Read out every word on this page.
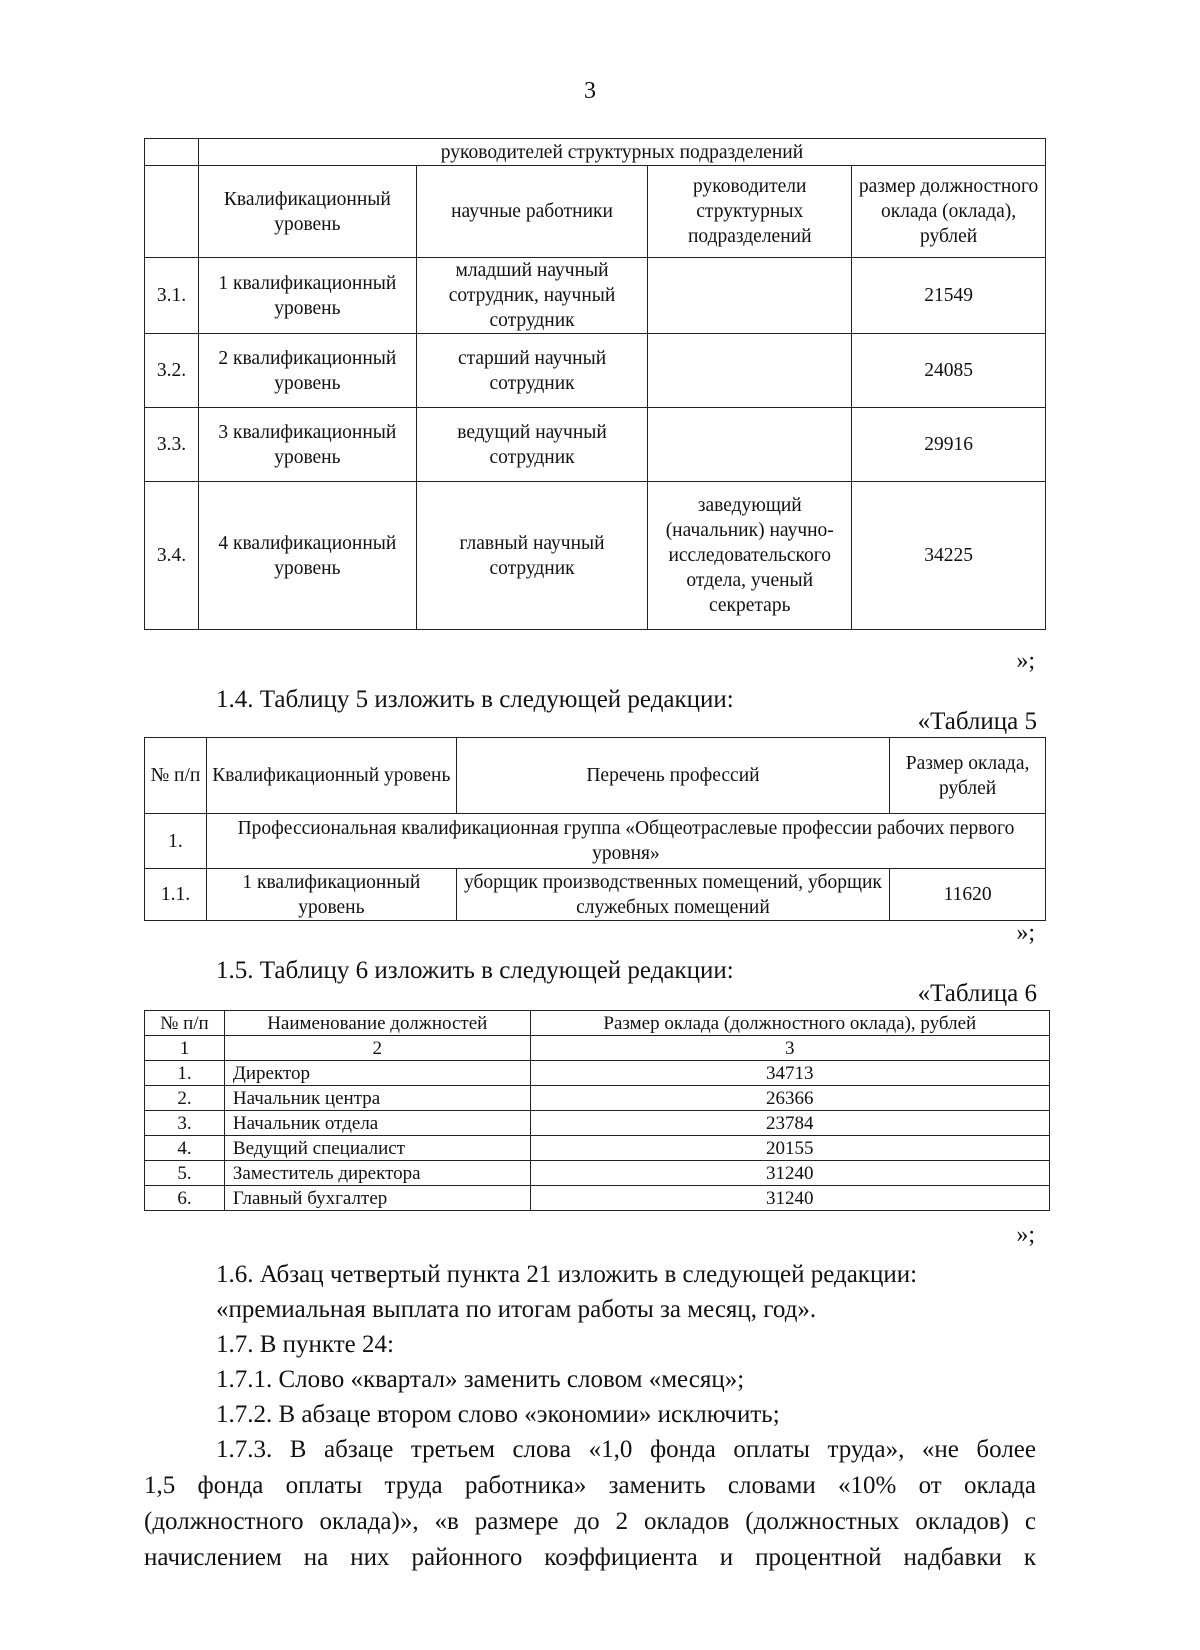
3
	руководителей структурных подразделений			
	Квалификационный уровень	научные работники	руководители структурных подразделений	размер должностного оклада (оклада), рублей
3.1.	1 квалификационный уровень	младший научный сотрудник, научный сотрудник		21549
3.2.	2 квалификационный уровень	старший научный сотрудник		24085
3.3.	3 квалификационный уровень	ведущий научный сотрудник		29916
3.4.	4 квалификационный уровень	главный научный сотрудник	заведующий (начальник) научно-исследовательского отдела, ученый секретарь	34225
»;
1.4. Таблицу 5 изложить в следующей редакции:
«Таблица 5
№ п/п	Квалификационный уровень	Перечень профессий	Размер оклада, рублей
1.	Профессиональная квалификационная группа «Общеотраслевые профессии рабочих первого уровня»		
1.1.	1 квалификационный уровень	уборщик производственных помещений, уборщик служебных помещений	11620
»;
1.5. Таблицу 6 изложить в следующей редакции:
«Таблица 6
№ п/п	Наименование должностей	Размер оклада (должностного оклада), рублей
1	2	3
1.	Директор	34713
2.	Начальник центра	26366
3.	Начальник отдела	23784
4.	Ведущий специалист	20155
5.	Заместитель директора	31240
6.	Главный бухгалтер	31240
»;
1.6. Абзац четвертый пункта 21 изложить в следующей редакции:
«премиальная выплата по итогам работы за месяц, год».
1.7. В пункте 24:
1.7.1. Слово «квартал» заменить словом «месяц»;
1.7.2. В абзаце втором слово «экономии» исключить;
1.7.3. В абзаце третьем слова «1,0 фонда оплаты труда», «не более
1,5 фонда оплаты труда работника» заменить словами «10% от оклада
(должностного оклада)», «в размере до 2 окладов (должностных окладов) с
начислением на них районного коэффициента и процентной надбавки к
